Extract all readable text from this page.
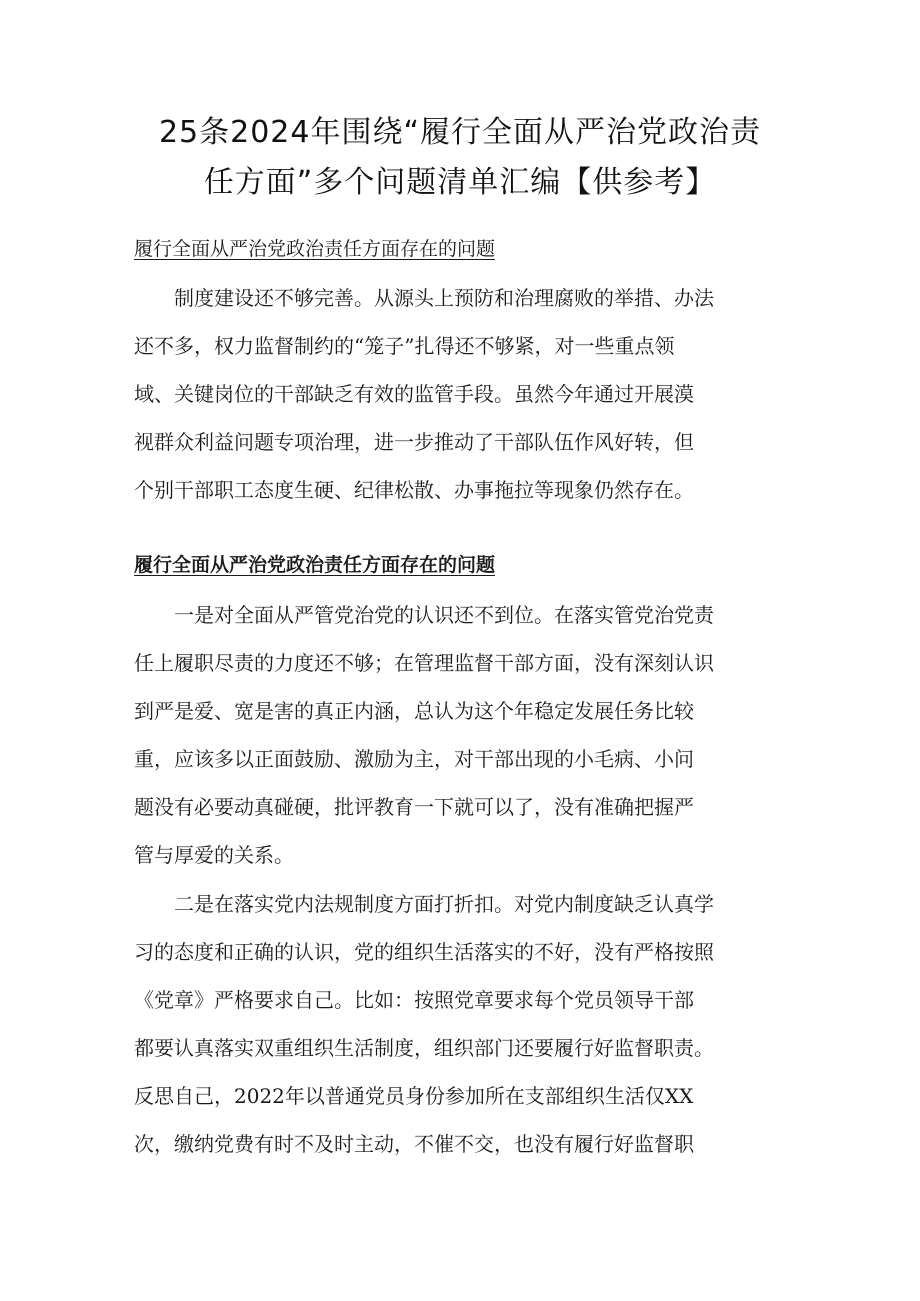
25条2024年围绕“履行全面从严治党政治责
任方面”多个问题清单汇编【供参考】
履行全面从严治党政治责任方面存在的问题

制度建设还不够完善。从源头上预防和治理腐败的举措、办法
还不多，权力监督制约的“笼子”扎得还不够紧，对一些重点领
域、关键岗位的干部缺乏有效的监管手段。虽然今年通过开展漠
视群众利益问题专项治理，进一步推动了干部队伍作风好转，但
个别干部职工态度生硬、纪律松散、办事拖拉等现象仍然存在。

履行全面从严治党政治责任方面存在的问题

一是对全面从严管党治党的认识还不到位。在落实管党治党责
任上履职尽责的力度还不够；在管理监督干部方面，没有深刻认识
到严是爱、宽是害的真正内涵，总认为这个年稳定发展任务比较
重，应该多以正面鼓励、激励为主，对干部出现的小毛病、小问
题没有必要动真碰硬，批评教育一下就可以了，没有准确把握严
管与厚爱的关系。

二是在落实党内法规制度方面打折扣。对党内制度缺乏认真学
习的态度和正确的认识，党的组织生活落实的不好，没有严格按照
《党章》严格要求自己。比如：按照党章要求每个党员领导干部
都要认真落实双重组织生活制度，组织部门还要履行好监督职责。
反思自己，2022年以普通党员身份参加所在支部组织生活仅XX
次，缴纳党费有时不及时主动，不催不交，也没有履行好监督职
